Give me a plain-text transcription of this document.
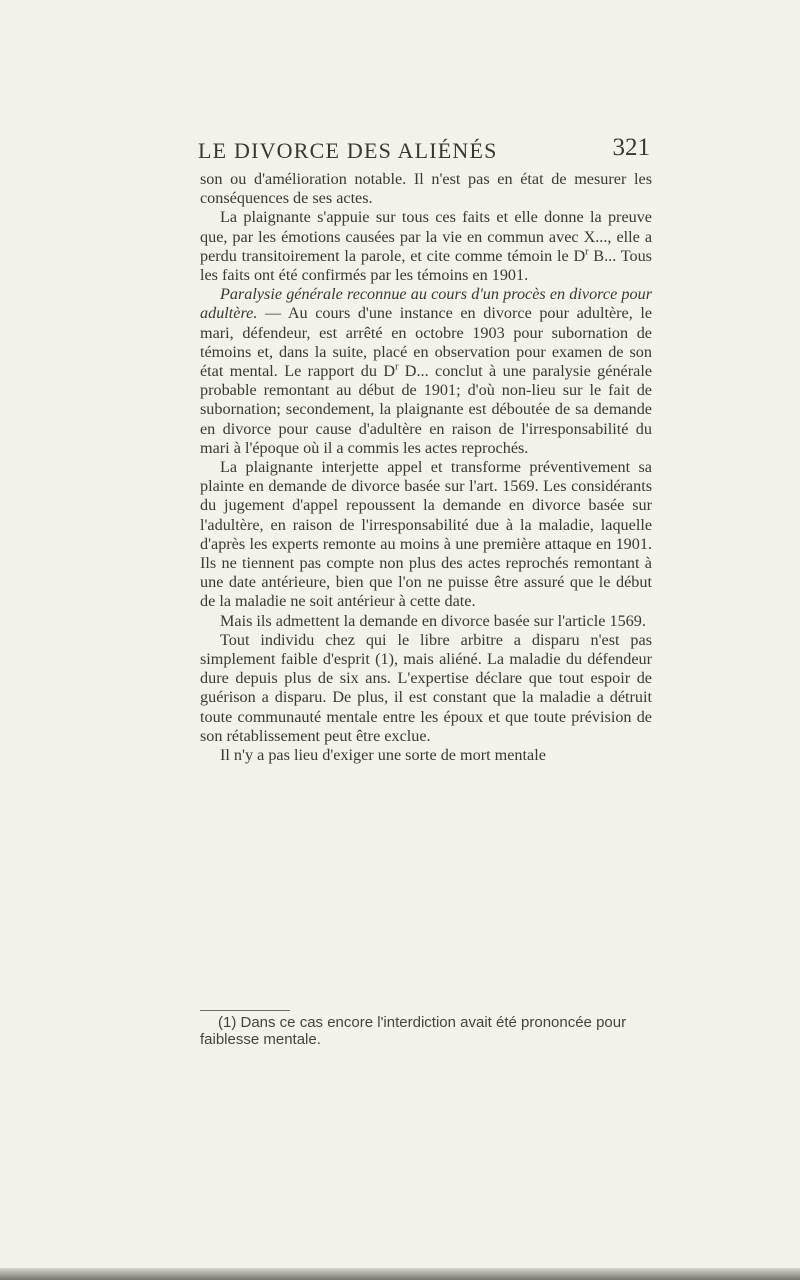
LE DIVORCE DES ALIÉNÉS	321

son ou d'amélioration notable. Il n'est pas en état de mesurer les conséquences de ses actes.

La plaignante s'appuie sur tous ces faits et elle donne la preuve que, par les émotions causées par la vie en commun avec X..., elle a perdu transitoirement la parole, et cite comme témoin le $D^r$ B... Tous les faits ont été confirmés par les témoins en 1901.

Paralysie générale reconnue au cours d'un procès en divorce pour adultère. — Au cours d'une instance en divorce pour adultère, le mari, défendeur, est arrêté en octobre 1903 pour subornation de témoins et, dans la suite, placé en observation pour examen de son état mental. Le rapport du $D^r$ D... conclut à une paralysie générale probable remontant au début de 1901; d'où non-lieu sur le fait de subornation; secondement, la plaignante est déboutée de sa demande en divorce pour cause d'adultère en raison de l'irresponsabilité du mari à l'époque où il a commis les actes reprochés.

La plaignante interjette appel et transforme préventivement sa plainte en demande de divorce basée sur l'art. 1569. Les considérants du jugement d'appel repoussent la demande en divorce basée sur l'adultère, en raison de l'irresponsabilité due à la maladie, laquelle d'après les experts remonte au moins à une première attaque en 1901. Ils ne tiennent pas compte non plus des actes reprochés remontant à une date antérieure, bien que l'on ne puisse être assuré que le début de la maladie ne soit antérieur à cette date.

Mais ils admettent la demande en divorce basée sur l'article 1569.

Tout individu chez qui le libre arbitre a disparu n'est pas simplement faible d'esprit (1), mais aliéné. La maladie du défendeur dure depuis plus de six ans. L'expertise déclare que tout espoir de guérison a disparu. De plus, il est constant que la maladie a détruit toute communauté mentale entre les époux et que toute prévision de son rétablissement peut être exclue.

Il n'y a pas lieu d'exiger une sorte de mort mentale

(1) Dans ce cas encore l'interdiction avait été prononcée pour faiblesse mentale.
